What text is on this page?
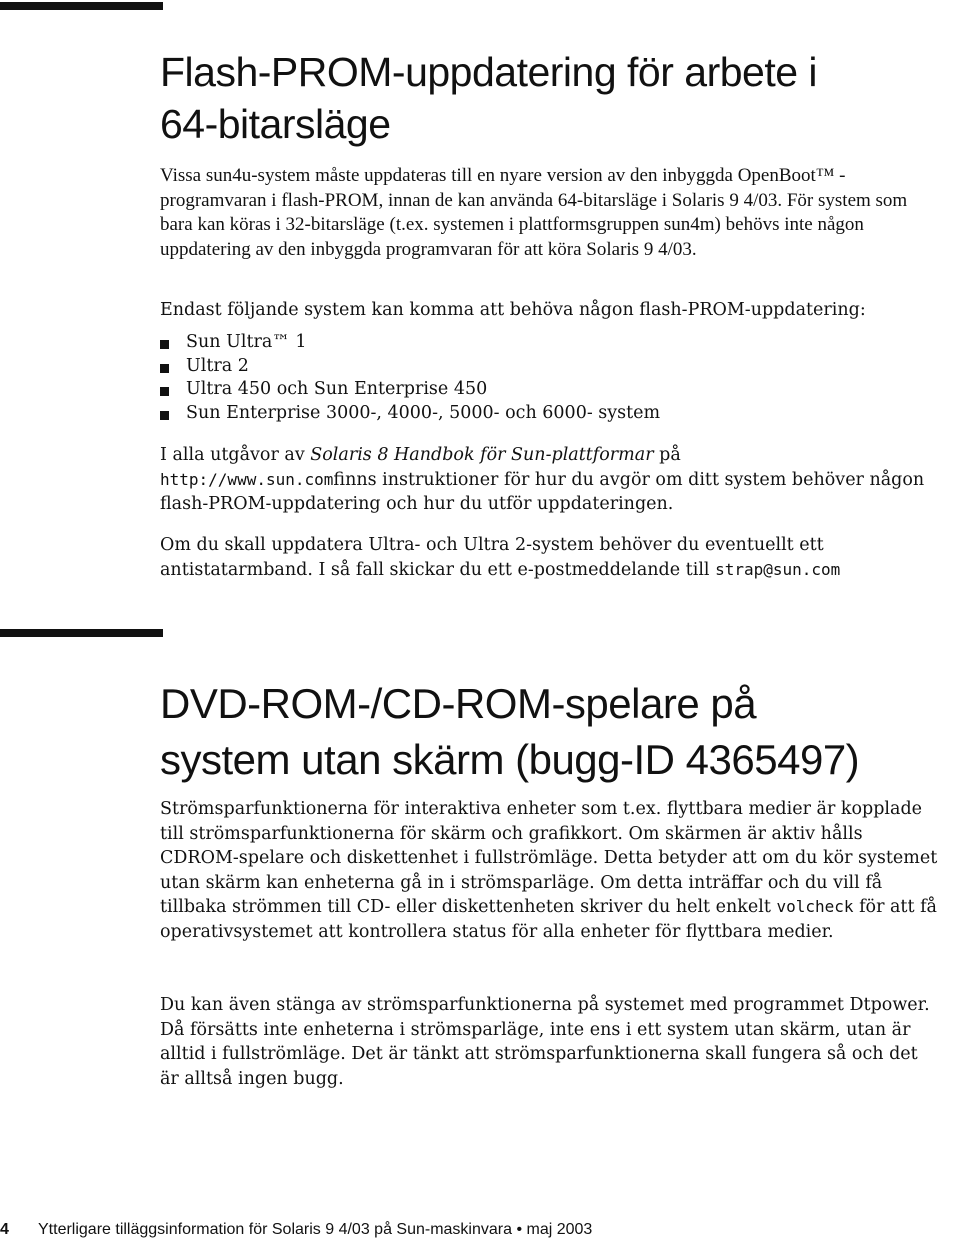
Flash-PROM-uppdatering för arbete i
64-bitarsläge

Vissa sun4u-system måste uppdateras till en nyare version av den inbyggda OpenBoot™ -programvaran i flash-PROM, innan de kan använda 64-bitarsläge i Solaris 9 4/03. För system som bara kan köras i 32-bitarsläge (t.ex. systemen i plattformsgruppen sun4m) behövs inte någon uppdatering av den inbyggda programvaran för att köra Solaris 9 4/03.

Endast följande system kan komma att behöva någon flash-PROM-uppdatering:

Sun Ultra™ 1
Ultra 2
Ultra 450 och Sun Enterprise 450
Sun Enterprise 3000-, 4000-, 5000- och 6000- system

I alla utgåvor av Solaris 8 Handbok för Sun-plattformar på
http://www.sun.comfinns instruktioner för hur du avgör om ditt system behöver någon flash-PROM-uppdatering och hur du utför uppdateringen.

Om du skall uppdatera Ultra- och Ultra 2-system behöver du eventuellt ett antistatarmband. I så fall skickar du ett e-postmeddelande till strap@sun.com

DVD-ROM-/CD-ROM-spelare på
system utan skärm (bugg-ID 4365497)

Strömsparfunktionerna för interaktiva enheter som t.ex. flyttbara medier är kopplade till strömsparfunktionerna för skärm och grafikkort. Om skärmen är aktiv hålls CDROM-spelare och diskettenhet i fullströmläge. Detta betyder att om du kör systemet utan skärm kan enheterna gå in i strömsparläge. Om detta inträffar och du vill få tillbaka strömmen till CD- eller diskettenheten skriver du helt enkelt volcheck för att få operativsystemet att kontrollera status för alla enheter för flyttbara medier.

Du kan även stänga av strömsparfunktionerna på systemet med programmet Dtpower. Då försätts inte enheterna i strömsparläge, inte ens i ett system utan skärm, utan är alltid i fullströmläge. Det är tänkt att strömsparfunktionerna skall fungera så och det är alltså ingen bugg.

4 Ytterligare tilläggsinformation för Solaris 9 4/03 på Sun-maskinvara • maj 2003
